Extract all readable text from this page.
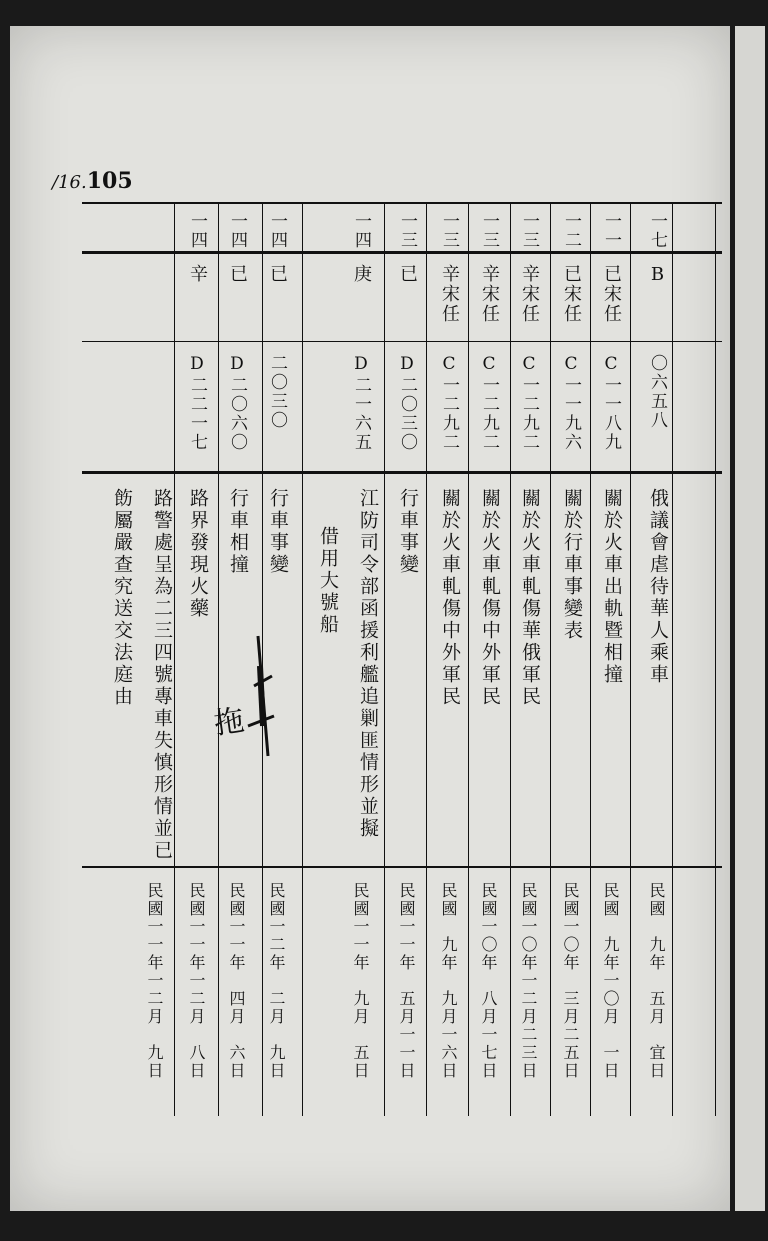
/16.105
一七
B
〇六五八
俄議會虐待華人乘車
民國　九年　五月　宜日
一一
已宋任
C一一八九
關於火車出軌暨相撞
民國　九年一〇月　一日
一二
已宋任
C一一九六
關於行車事變表
民國一〇年　三月二五日
一三
辛宋任
C一二九二
關於火車軋傷華俄軍民
民國一〇年一二月二三日
一三
辛宋任
C一二九二
關於火車軋傷中外軍民
民國一〇年　八月一七日
一三
辛宋任
C一二九二
關於火車軋傷中外軍民
民國　九年　九月一六日
一三
已
D二〇三〇
行車事變
民國一一年　五月一一日
一四
庚
D二一六五
江防司令部函援利艦追剿匪情形並擬
借用大號船
民國一一年　九月　五日
一四
已
二〇三〇
行車事變
民國一二年　二月　九日
一四
已
D二〇六〇
行車相撞
民國一一年　四月　六日
一四
辛
D二二一七
路界發現火藥
民國一一年一二月　八日
路警處呈為二三四號專車失慎形情並已
飭屬嚴查究送交法庭由
民國一一年一二月　九日
拖
